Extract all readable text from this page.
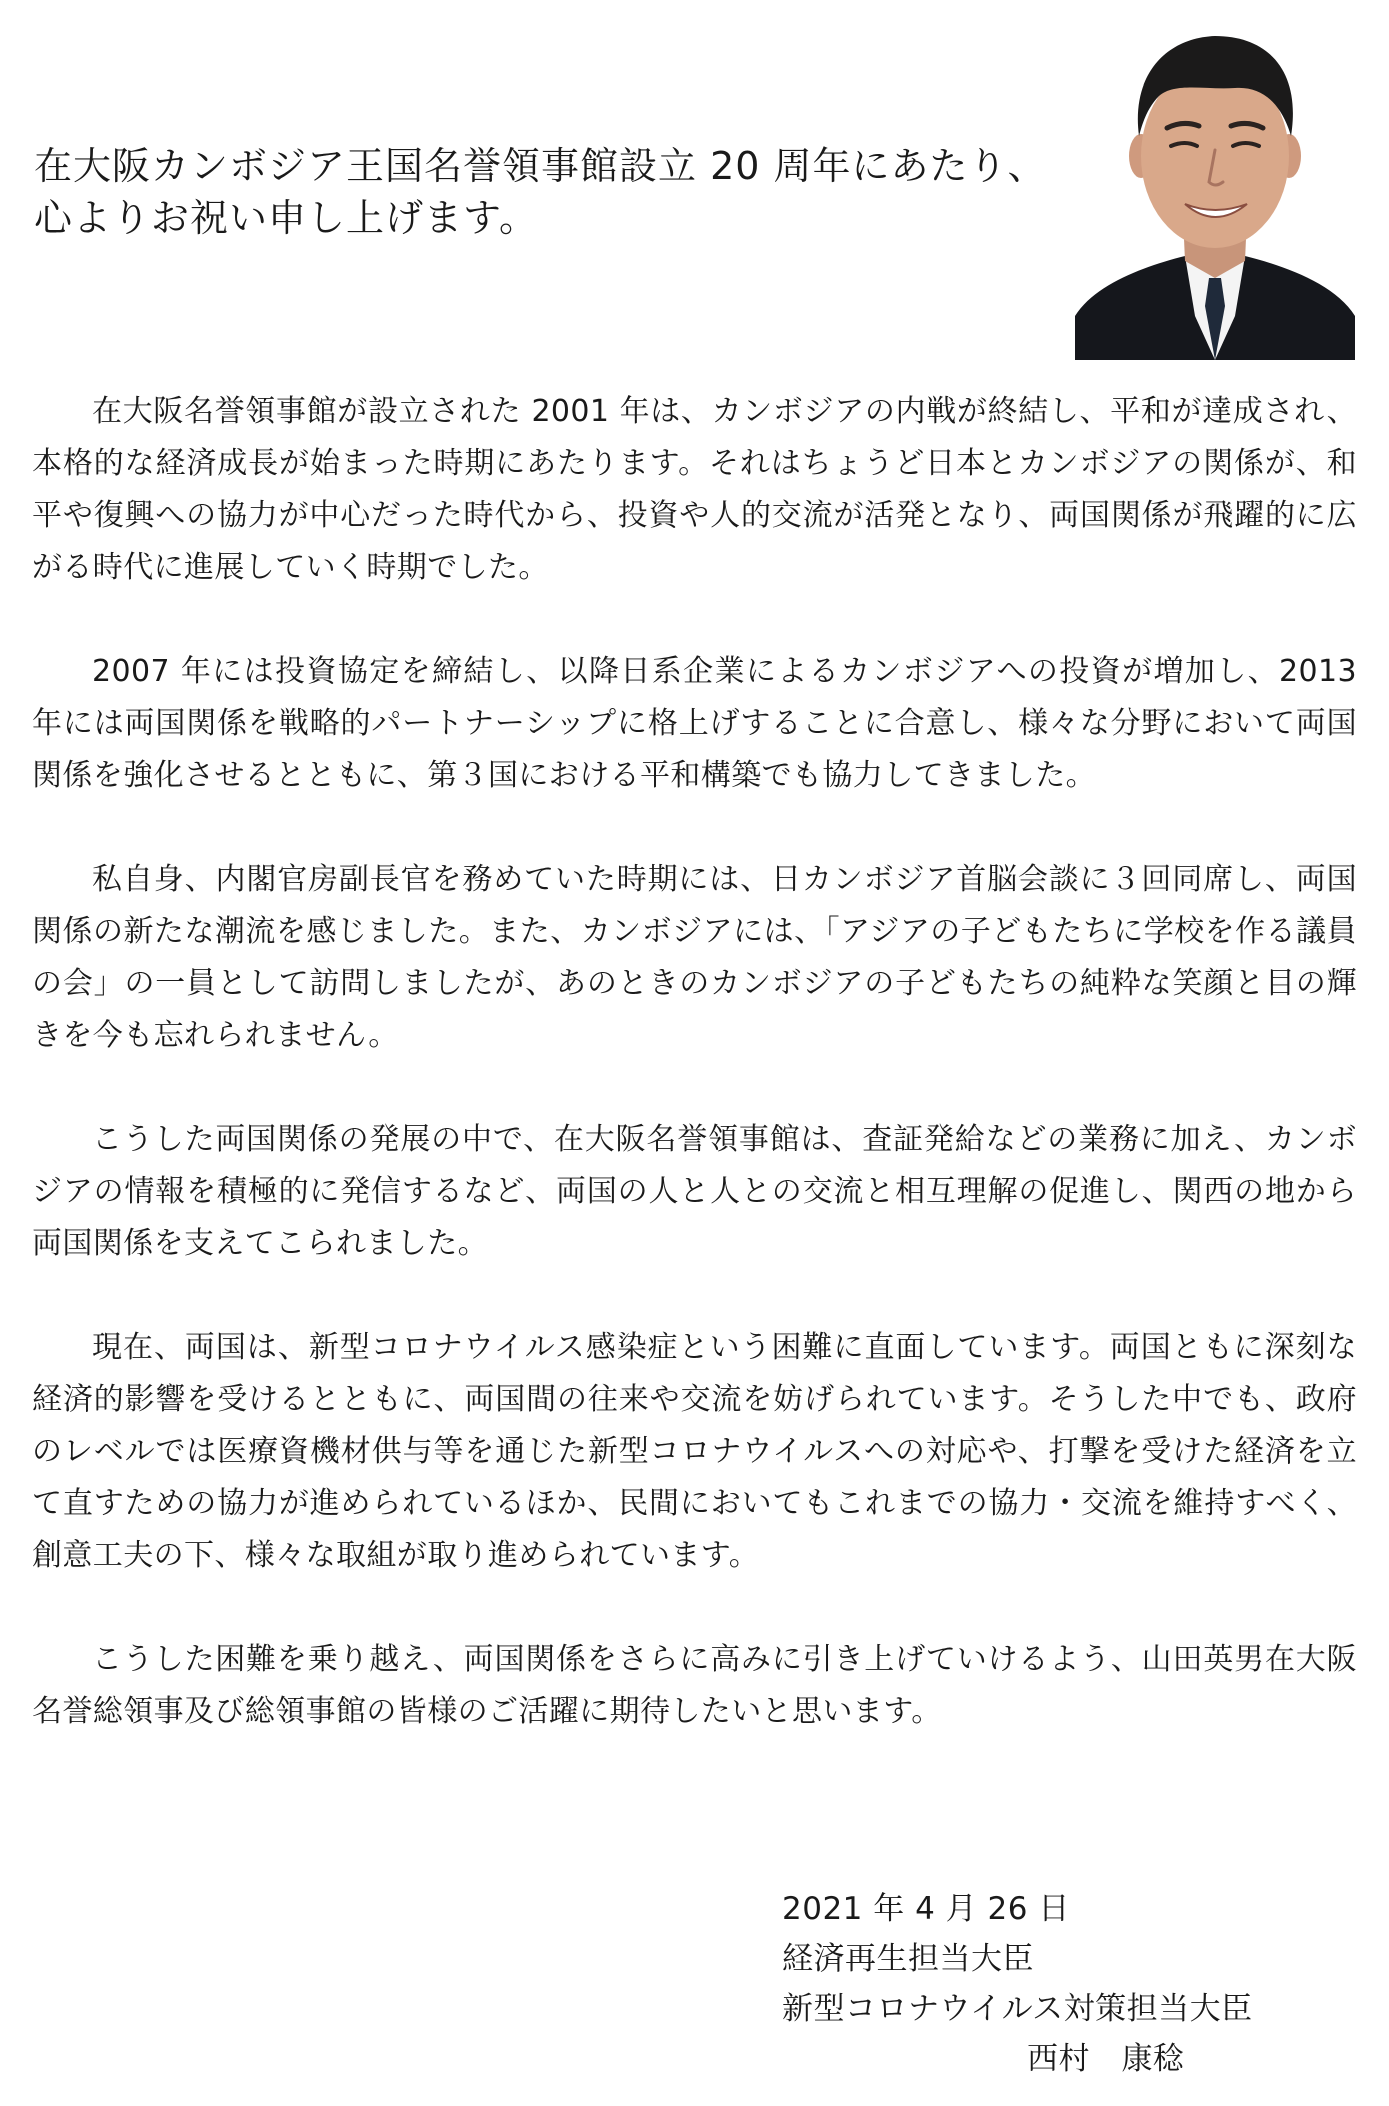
在大阪カンボジア王国名誉領事館設立 20 周年にあたり、
心よりお祝い申し上げます。

在大阪名誉領事館が設立された 2001 年は、カンボジアの内戦が終結し、平和が達成され、本格的な経済成長が始まった時期にあたります。それはちょうど日本とカンボジアの関係が、和平や復興への協力が中心だった時代から、投資や人的交流が活発となり、両国関係が飛躍的に広がる時代に進展していく時期でした。

2007 年には投資協定を締結し、以降日系企業によるカンボジアへの投資が増加し、2013 年には両国関係を戦略的パートナーシップに格上げすることに合意し、様々な分野において両国関係を強化させるとともに、第３国における平和構築でも協力してきました。

私自身、内閣官房副長官を務めていた時期には、日カンボジア首脳会談に３回同席し、両国関係の新たな潮流を感じました。また、カンボジアには、「アジアの子どもたちに学校を作る議員の会」の一員として訪問しましたが、あのときのカンボジアの子どもたちの純粋な笑顔と目の輝きを今も忘れられません。

こうした両国関係の発展の中で、在大阪名誉領事館は、査証発給などの業務に加え、カンボジアの情報を積極的に発信するなど、両国の人と人との交流と相互理解の促進し、関西の地から両国関係を支えてこられました。

現在、両国は、新型コロナウイルス感染症という困難に直面しています。両国ともに深刻な経済的影響を受けるとともに、両国間の往来や交流を妨げられています。そうした中でも、政府のレベルでは医療資機材供与等を通じた新型コロナウイルスへの対応や、打撃を受けた経済を立て直すための協力が進められているほか、民間においてもこれまでの協力・交流を維持すべく、創意工夫の下、様々な取組が取り進められています。

こうした困難を乗り越え、両国関係をさらに高みに引き上げていけるよう、山田英男在大阪名誉総領事及び総領事館の皆様のご活躍に期待したいと思います。

2021 年 4 月 26 日
経済再生担当大臣
新型コロナウイルス対策担当大臣
西村　康稔
